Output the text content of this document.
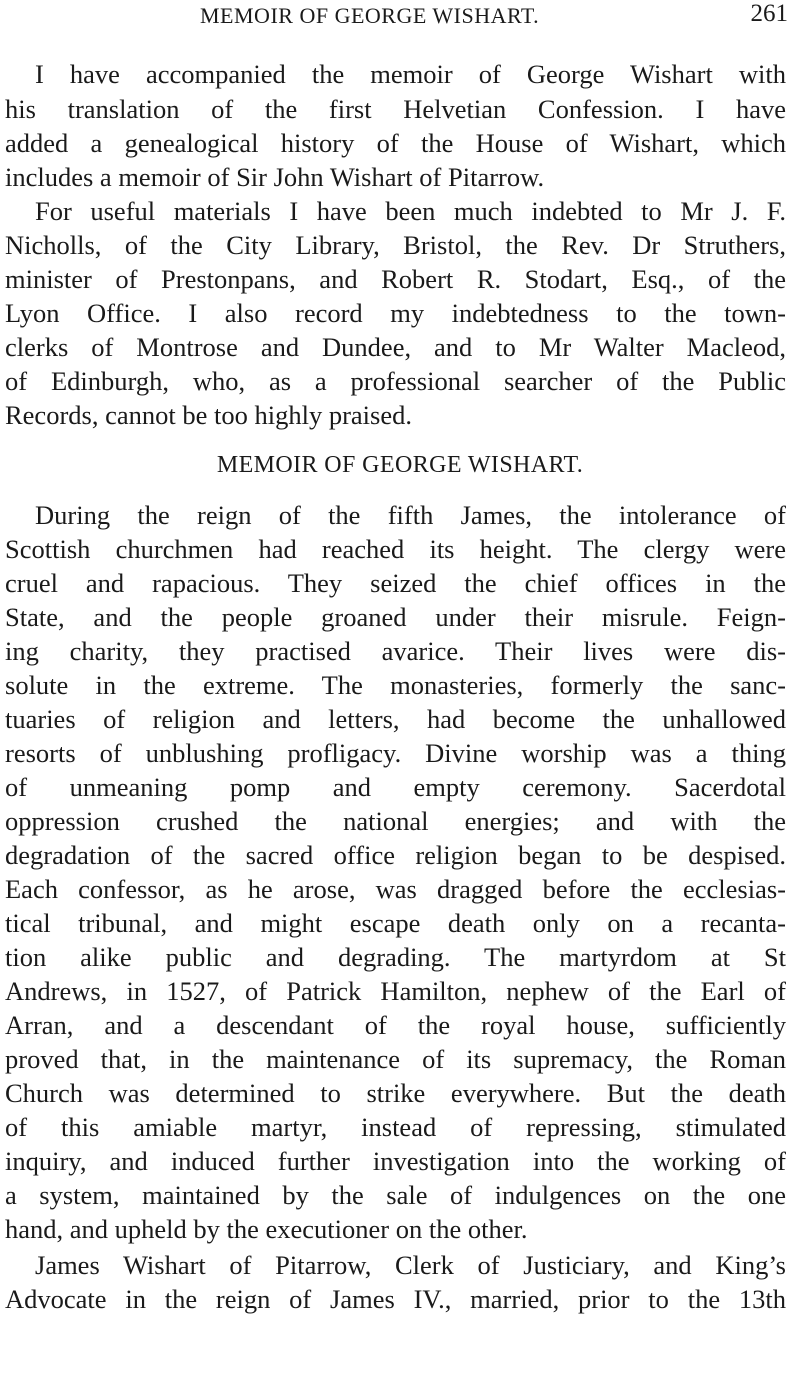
MEMOIR OF GEORGE WISHART.	261
I have accompanied the memoir of George Wishart with
his translation of the first Helvetian Confession. I have
added a genealogical history of the House of Wishart, which
includes a memoir of Sir John Wishart of Pitarrow.
For useful materials I have been much indebted to Mr J. F.
Nicholls, of the City Library, Bristol, the Rev. Dr Struthers,
minister of Prestonpans, and Robert R. Stodart, Esq., of the
Lyon Office. I also record my indebtedness to the town-
clerks of Montrose and Dundee, and to Mr Walter Macleod,
of Edinburgh, who, as a professional searcher of the Public
Records, cannot be too highly praised.
MEMOIR OF GEORGE WISHART.
During the reign of the fifth James, the intolerance of
Scottish churchmen had reached its height. The clergy were
cruel and rapacious. They seized the chief offices in the
State, and the people groaned under their misrule. Feign-
ing charity, they practised avarice. Their lives were dis-
solute in the extreme. The monasteries, formerly the sanc-
tuaries of religion and letters, had become the unhallowed
resorts of unblushing profligacy. Divine worship was a thing
of unmeaning pomp and empty ceremony. Sacerdotal
oppression crushed the national energies; and with the
degradation of the sacred office religion began to be despised.
Each confessor, as he arose, was dragged before the ecclesias-
tical tribunal, and might escape death only on a recanta-
tion alike public and degrading. The martyrdom at St
Andrews, in 1527, of Patrick Hamilton, nephew of the Earl of
Arran, and a descendant of the royal house, sufficiently
proved that, in the maintenance of its supremacy, the Roman
Church was determined to strike everywhere. But the death
of this amiable martyr, instead of repressing, stimulated
inquiry, and induced further investigation into the working of
a system, maintained by the sale of indulgences on the one
hand, and upheld by the executioner on the other.
James Wishart of Pitarrow, Clerk of Justiciary, and King’s
Advocate in the reign of James IV., married, prior to the 13th
